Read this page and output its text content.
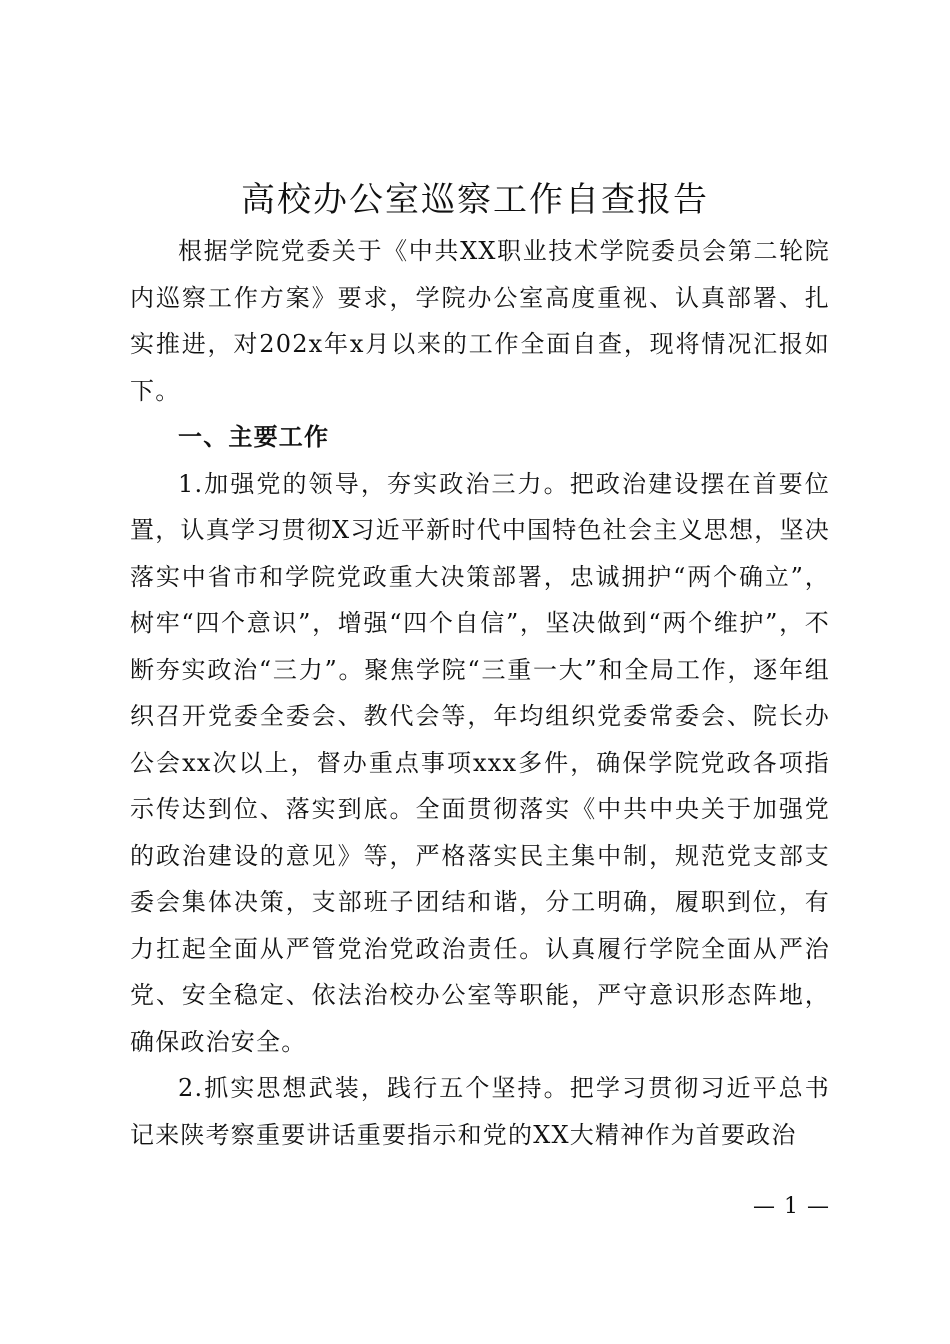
高校办公室巡察工作自查报告

根据学院党委关于《中共XX职业技术学院委员会第二轮院内巡察工作方案》要求，学院办公室高度重视、认真部署、扎实推进，对202x年x月以来的工作全面自查，现将情况汇报如下。

一、主要工作

1.加强党的领导，夯实政治三力。把政治建设摆在首要位置，认真学习贯彻X习近平新时代中国特色社会主义思想，坚决落实中省市和学院党政重大决策部署，忠诚拥护“两个确立”，树牢“四个意识”，增强“四个自信”，坚决做到“两个维护”，不断夯实政治“三力”。聚焦学院“三重一大”和全局工作，逐年组织召开党委全委会、教代会等，年均组织党委常委会、院长办公会xx次以上，督办重点事项xxx多件，确保学院党政各项指示传达到位、落实到底。全面贯彻落实《中共中央关于加强党的政治建设的意见》等，严格落实民主集中制，规范党支部支委会集体决策，支部班子团结和谐，分工明确，履职到位，有力扛起全面从严管党治党政治责任。认真履行学院全面从严治党、安全稳定、依法治校办公室等职能，严守意识形态阵地，确保政治安全。

2.抓实思想武装，践行五个坚持。把学习贯彻习近平总书记来陕考察重要讲话重要指示和党的XX大精神作为首要政治

— 1 —
